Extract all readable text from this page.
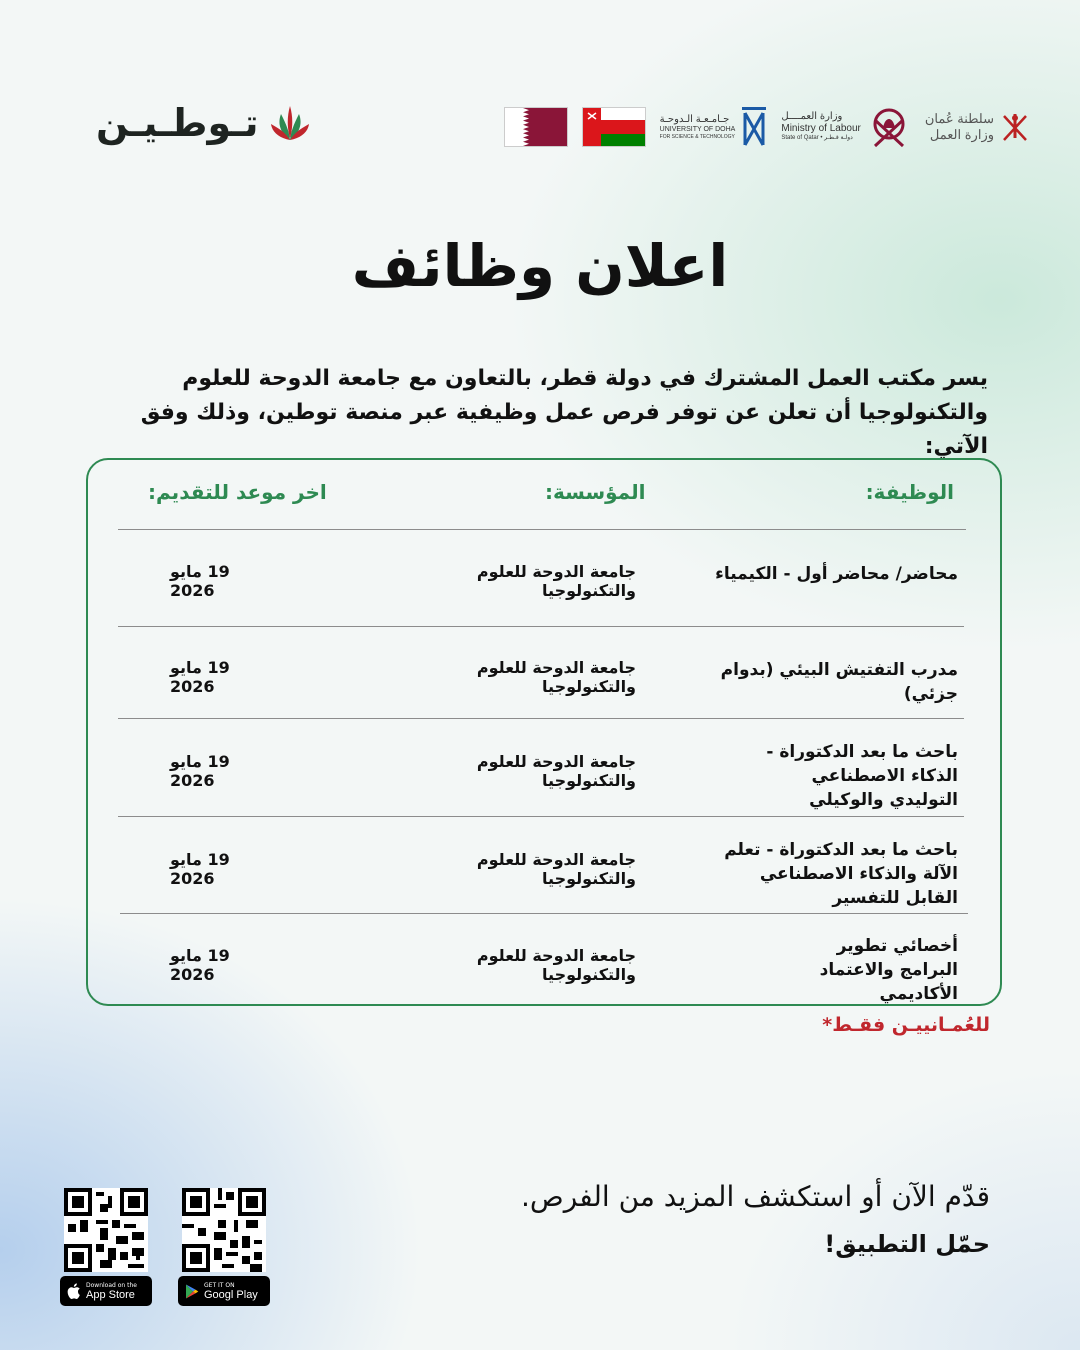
تـوطـيـن	جـامـعـة الـدوحـة
UNIVERSITY OF DOHA
FOR SCIENCE & TECHNOLOGY
وزارة العمــــل
Ministry of Labour
State of Qatar • دولـة قـطـر
سلطنة عُمان
وزارة العمل
اعلان وظائف
يسر مكتب العمل المشترك في دولة قطر، بالتعاون مع جامعة الدوحة للعلوم والتكنولوجيا أن تعلن عن توفر فرص عمل وظيفية عبر منصة توطين، وذلك وفق الآتي:
الوظيفة:
المؤسسة:
اخر موعد للتقديم:
محاضر/ محاضر أول - الكيمياء
جامعة الدوحة للعلوم والتكنولوجيا
19 مايو 2026
مدرب التفتيش البيئي (بدوام جزئي)
جامعة الدوحة للعلوم والتكنولوجيا
19 مايو 2026
باحث ما بعد الدكتوراة - الذكاء الاصطناعي التوليدي والوكيلي
جامعة الدوحة للعلوم والتكنولوجيا
19 مايو 2026
باحث ما بعد الدكتوراة - تعلم الآلة والذكاء الاصطناعي القابل للتفسير
جامعة الدوحة للعلوم والتكنولوجيا
19 مايو 2026
أخصائي تطوير البرامج والاعتماد الأكاديمي
جامعة الدوحة للعلوم والتكنولوجيا
19 مايو 2026
للعُمـانييـن فقـط*
قدّم الآن أو استكشف المزيد من الفرص.
حمّل التطبيق!
Download on the
App Store
GET IT ON
Googl Play
